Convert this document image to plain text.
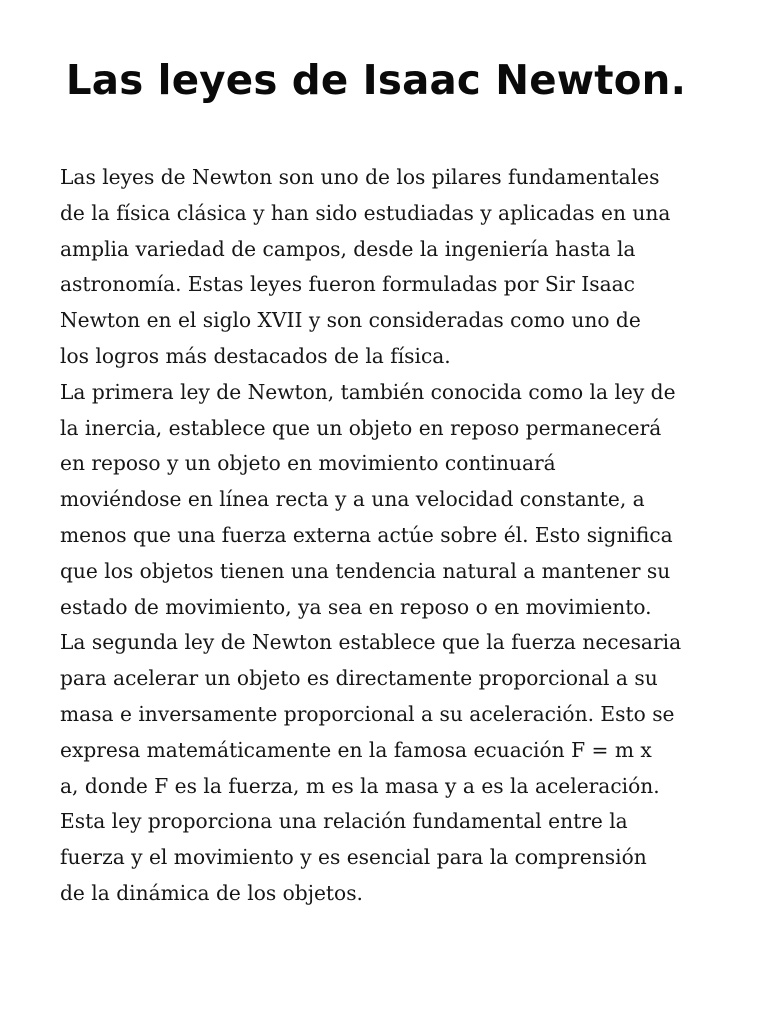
Las leyes de Isaac Newton.
Las leyes de Newton son uno de los pilares fundamentales
de la física clásica y han sido estudiadas y aplicadas en una
amplia variedad de campos, desde la ingeniería hasta la
astronomía. Estas leyes fueron formuladas por Sir Isaac
Newton en el siglo XVII y son consideradas como uno de
los logros más destacados de la física.
La primera ley de Newton, también conocida como la ley de
la inercia, establece que un objeto en reposo permanecerá
en reposo y un objeto en movimiento continuará
moviéndose en línea recta y a una velocidad constante, a
menos que una fuerza externa actúe sobre él. Esto significa
que los objetos tienen una tendencia natural a mantener su
estado de movimiento, ya sea en reposo o en movimiento.
La segunda ley de Newton establece que la fuerza necesaria
para acelerar un objeto es directamente proporcional a su
masa e inversamente proporcional a su aceleración. Esto se
expresa matemáticamente en la famosa ecuación F = m x
a, donde F es la fuerza, m es la masa y a es la aceleración.
Esta ley proporciona una relación fundamental entre la
fuerza y el movimiento y es esencial para la comprensión
de la dinámica de los objetos.
